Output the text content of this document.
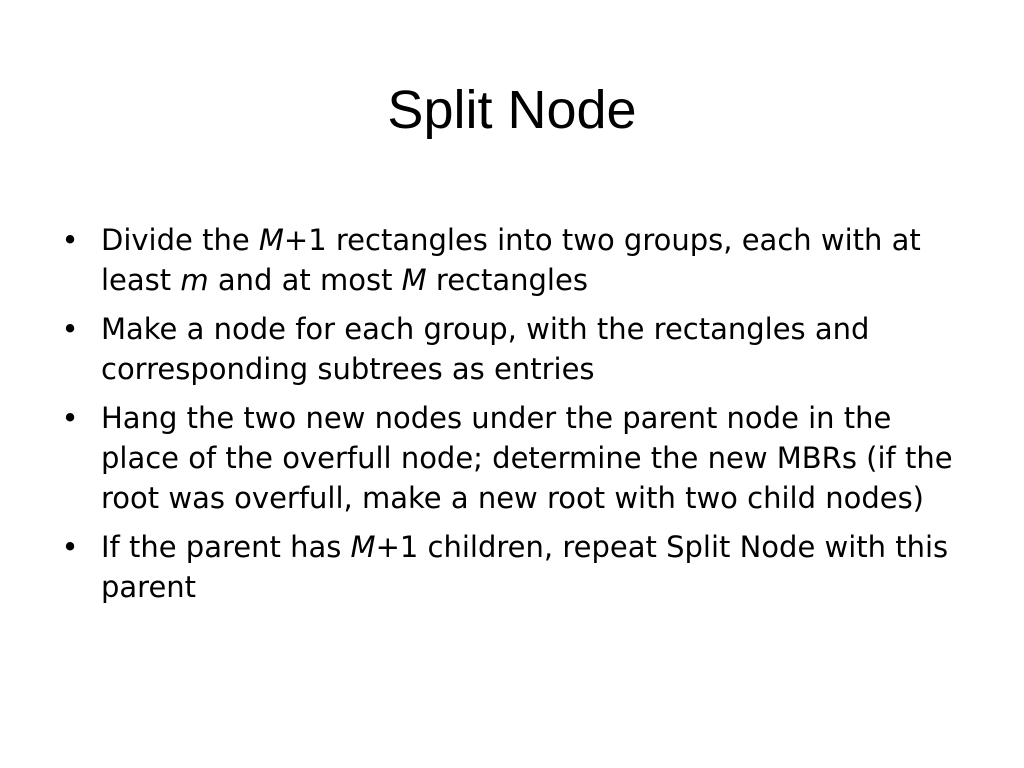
Split Node
• Divide the M+1 rectangles into two groups, each with at least m and at most M rectangles
• Make a node for each group, with the rectangles and corresponding subtrees as entries
• Hang the two new nodes under the parent node in the place of the overfull node; determine the new MBRs (if the root was overfull, make a new root with two child nodes)
• If the parent has M+1 children, repeat Split Node with this parent
